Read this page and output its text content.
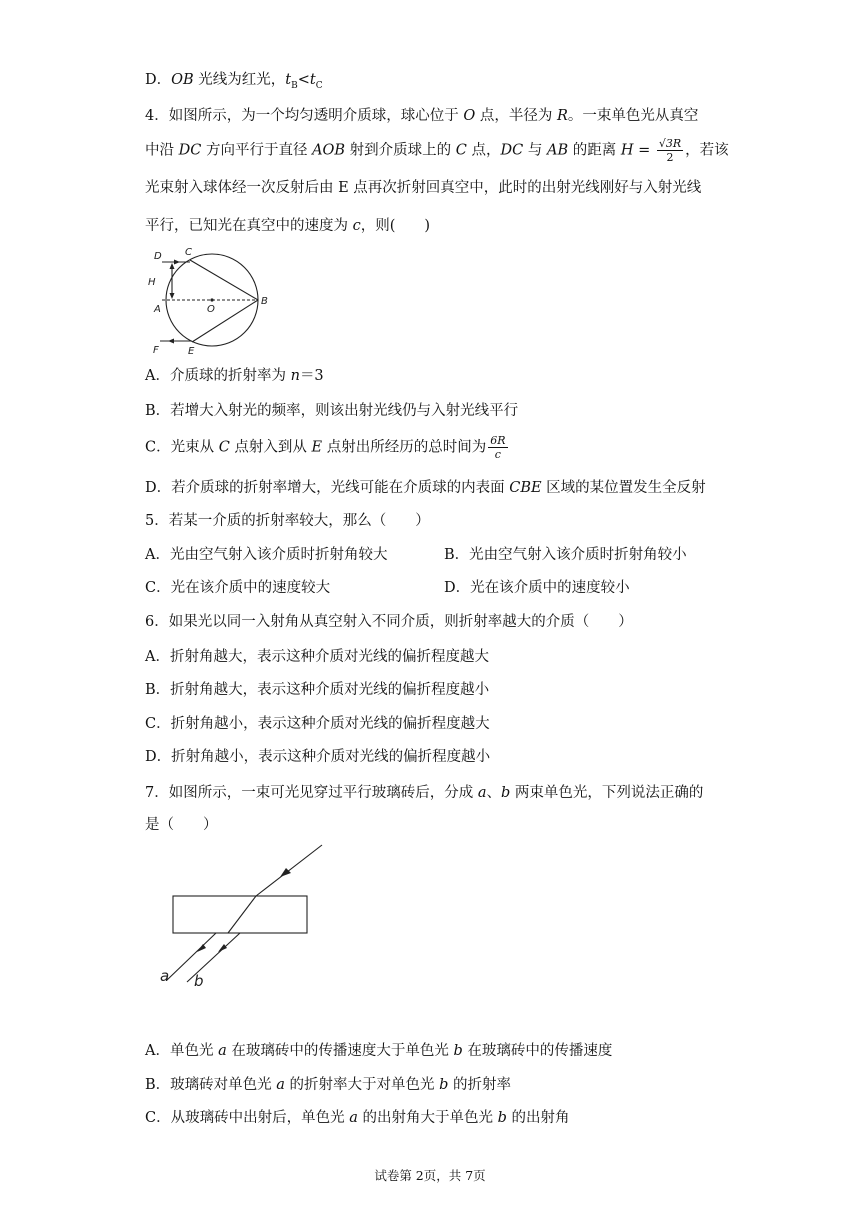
D．OB 光线为红光，$t_B<t_C$
4．如图所示，为一个均匀透明介质球，球心位于 O 点，半径为 R。一束单色光从真空
中沿 DC 方向平行于直径 AOB 射到介质球上的 C 点，DC 与 AB 的距离 $H = \frac{√3R}{2}$ ，若该
光束射入球体经一次反射后由 E 点再次折射回真空中，此时的出射光线刚好与入射光线
平行，已知光在真空中的速度为 c，则(　　)
D C
H
A	O
B
F	E
A．介质球的折射率为 n＝3
B．若增大入射光的频率，则该出射光线仍与入射光线平行
C．光束从 C 点射入到从 E 点射出所经历的总时间为 $\frac{6R}{c}$
D．若介质球的折射率增大，光线可能在介质球的内表面 CBE 区域的某位置发生全反射
5．若某一介质的折射率较大，那么（　　）
A．光由空气射入该介质时折射角较大	B．光由空气射入该介质时折射角较小
C．光在该介质中的速度较大	D．光在该介质中的速度较小
6．如果光以同一入射角从真空射入不同介质，则折射率越大的介质（　　）
A．折射角越大，表示这种介质对光线的偏折程度越大
B．折射角越大，表示这种介质对光线的偏折程度越小
C．折射角越小，表示这种介质对光线的偏折程度越大
D．折射角越小，表示这种介质对光线的偏折程度越小
7．如图所示，一束可光见穿过平行玻璃砖后，分成 a、b 两束单色光，下列说法正确的
是（　　）
a b
A．单色光 a 在玻璃砖中的传播速度大于单色光 b 在玻璃砖中的传播速度
B．玻璃砖对单色光 a 的折射率大于对单色光 b 的折射率
C．从玻璃砖中出射后，单色光 a 的出射角大于单色光 b 的出射角
试卷第 2页，共 7页
